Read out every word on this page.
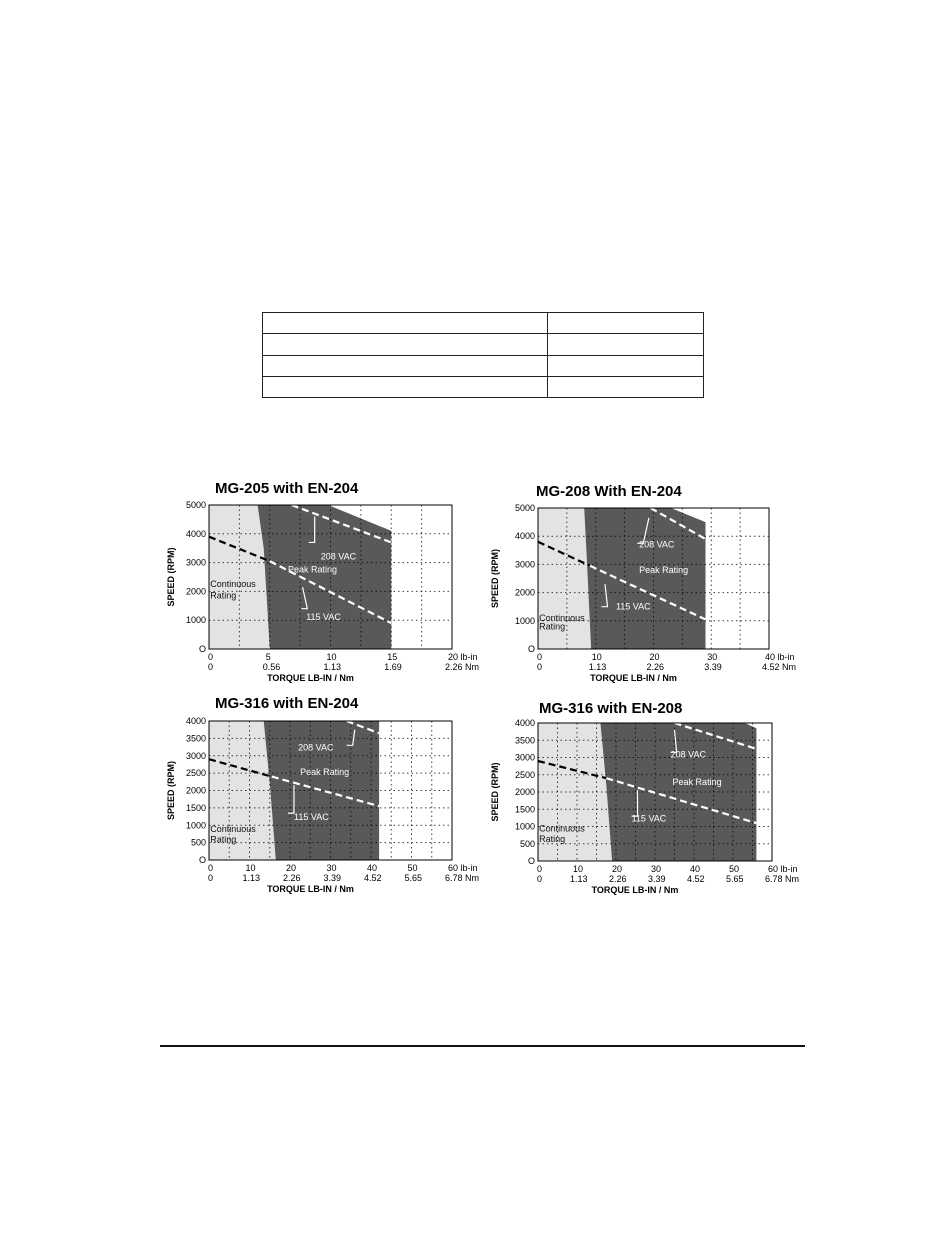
MG-205 with EN-204
208 VAC
Peak Rating
115 VAC
Continuous
Rating
O
1000
2000
3000
4000
5000
0
0
5
0.56
10
1.13
15
1.69
20 lb-in
2.26 Nm
TORQUE LB-IN / Nm
SPEED (RPM)
MG-208 With EN-204
208 VAC
Peak Rating
115 VAC
Continuous
Rating
O
1000
2000
3000
4000
5000
0
0
10
1.13
20
2.26
30
3.39
40 lb-in
4.52 Nm
TORQUE LB-IN / Nm
SPEED (RPM)
MG-316 with EN-204
208 VAC
Peak Rating
115 VAC
Continuous
Rating
O
500
1000
1500
2000
2500
3000
3500
4000
0
0
10
1.13
20
2.26
30
3.39
40
4.52
50
5.65
60 lb-in
6.78 Nm
TORQUE LB-IN / Nm
SPEED (RPM)
MG-316 with EN-208
208 VAC
Peak Rating
115 VAC
Continuous
Rating
O
500
1000
1500
2000
2500
3000
3500
4000
0
0
10
1.13
20
2.26
30
3.39
40
4.52
50
5.65
60 lb-in
6.78 Nm
TORQUE LB-IN / Nm
SPEED (RPM)
